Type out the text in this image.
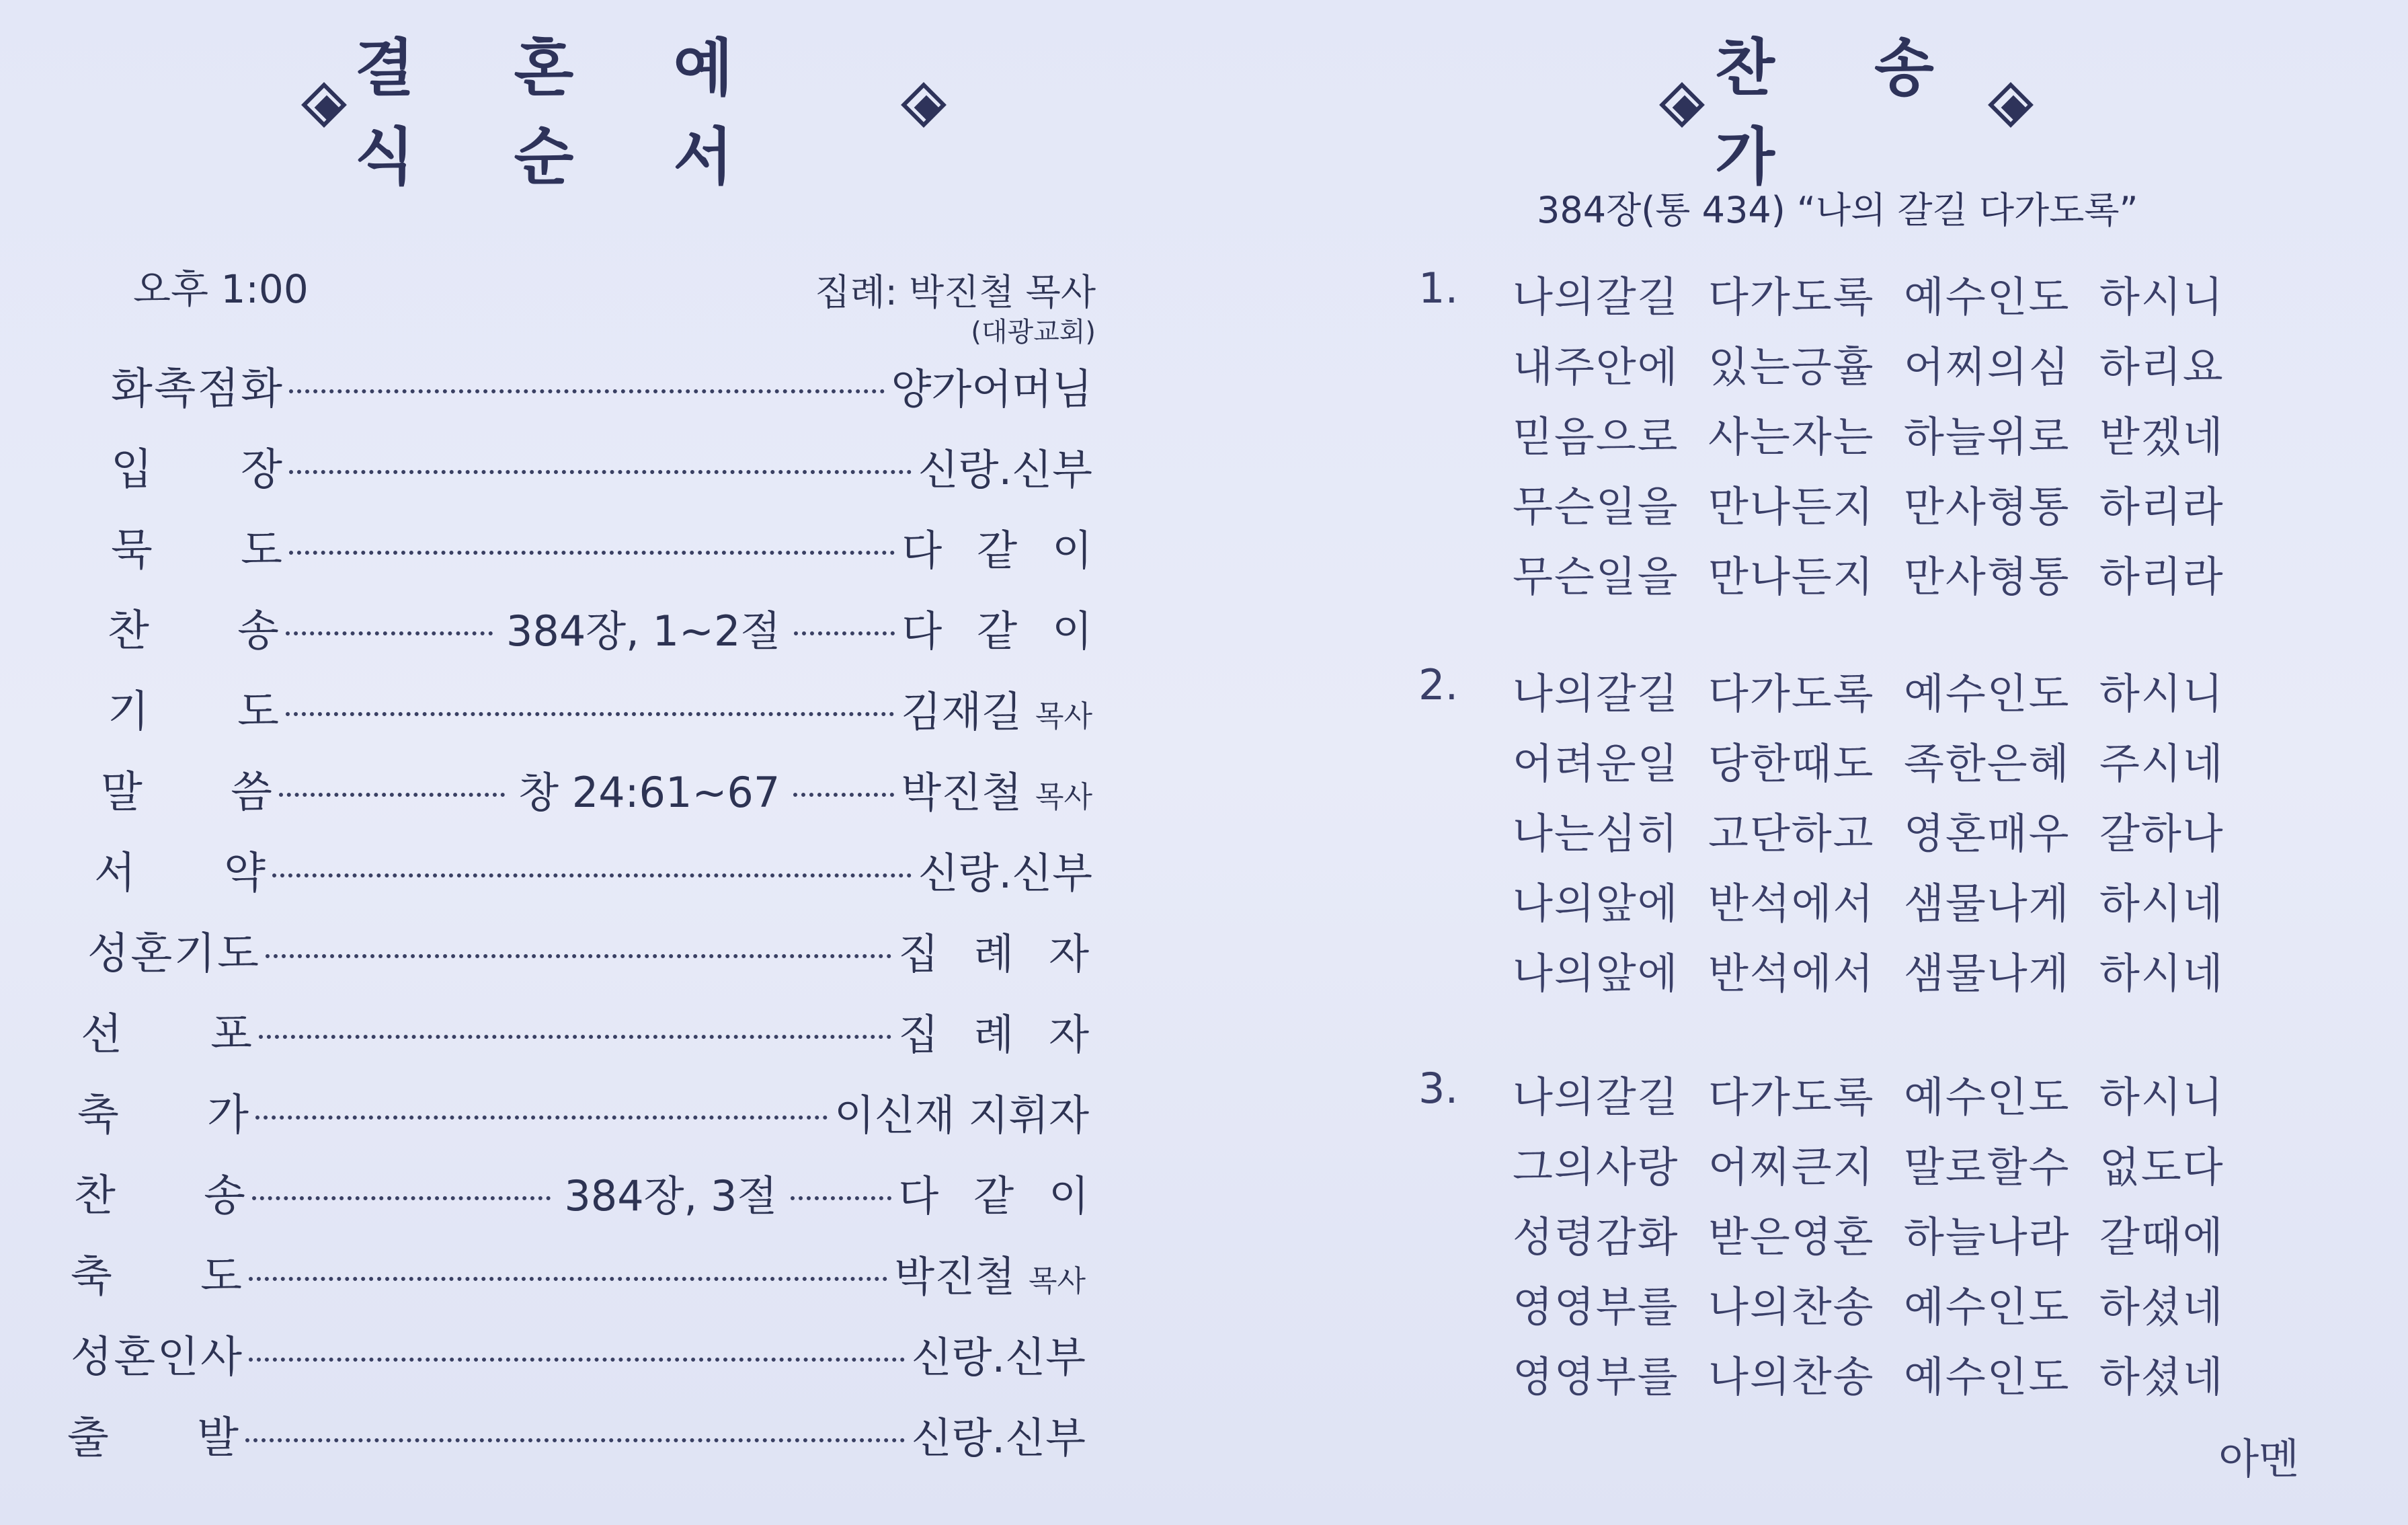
결 혼 예 식 순 서
오후 1:00	집례: 박진철 목사
(대광교회)
화 촉 점 화	양가어머님
입 장	신랑.신부
묵 도	다같이
찬 송	384장, 1~2절	다같이
기 도	김재길 목사
말 씀	창 24:61~67	박진철 목사
서 약	신랑.신부
성 혼 기 도	집례자
선 포	집례자
축 가	이신재 지휘자
찬 송	384장, 3절	다같이
축 도	박진철 목사
성 혼 인 사	신랑.신부
출 발	신랑.신부
찬 송 가
384장(통 434) “나의 갈길 다가도록”
1. 나의갈길  다가도록  예수인도  하시니
내주안에  있는긍휼  어찌의심  하리요
믿음으로  사는자는  하늘위로  받겠네
무슨일을  만나든지  만사형통  하리라
무슨일을  만나든지  만사형통  하리라
2. 나의갈길  다가도록  예수인도  하시니
어려운일  당한때도  족한은혜  주시네
나는심히  고단하고  영혼매우  갈하나
나의앞에  반석에서  샘물나게  하시네
나의앞에  반석에서  샘물나게  하시네
3. 나의갈길  다가도록  예수인도  하시니
그의사랑  어찌큰지  말로할수  없도다
성령감화  받은영혼  하늘나라  갈때에
영영부를  나의찬송  예수인도  하셨네
영영부를  나의찬송  예수인도  하셨네
아멘
